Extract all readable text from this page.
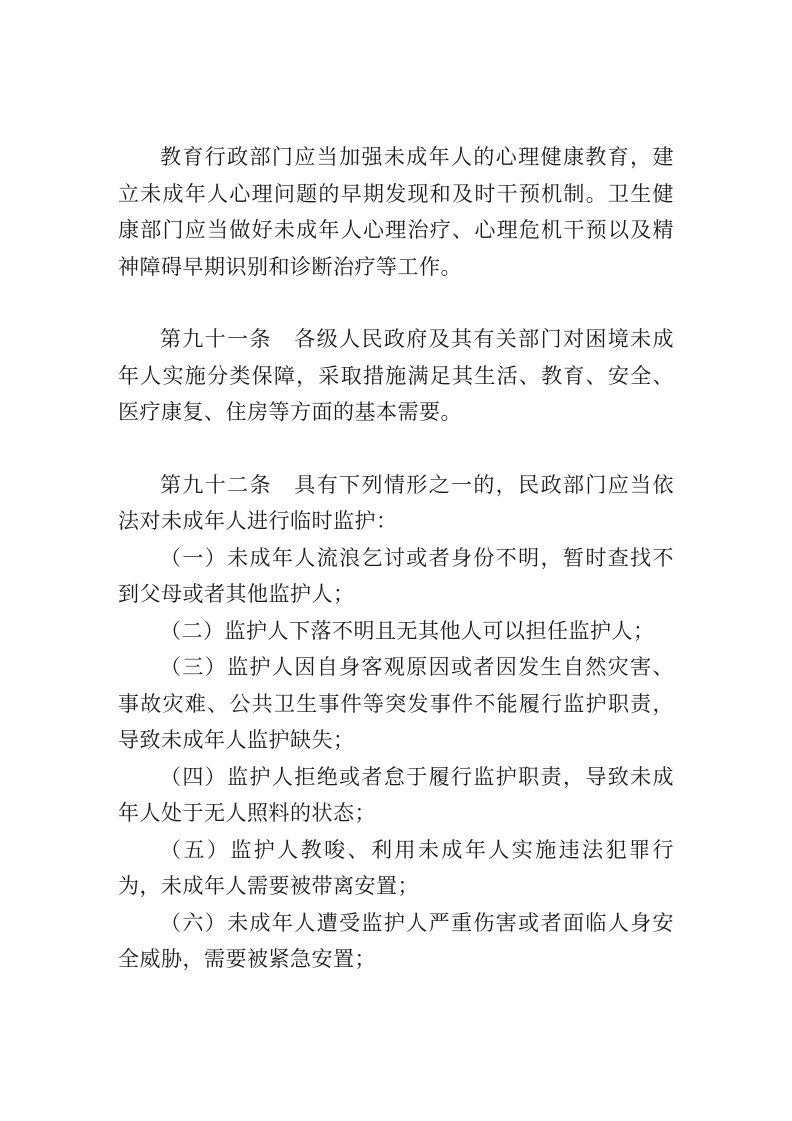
教育行政部门应当加强未成年人的心理健康教育，建立未成年人心理问题的早期发现和及时干预机制。卫生健康部门应当做好未成年人心理治疗、心理危机干预以及精神障碍早期识别和诊断治疗等工作。

第九十一条　各级人民政府及其有关部门对困境未成年人实施分类保障，采取措施满足其生活、教育、安全、医疗康复、住房等方面的基本需要。

第九十二条　具有下列情形之一的，民政部门应当依法对未成年人进行临时监护：

（一）未成年人流浪乞讨或者身份不明，暂时查找不到父母或者其他监护人；

（二）监护人下落不明且无其他人可以担任监护人；

（三）监护人因自身客观原因或者因发生自然灾害、事故灾难、公共卫生事件等突发事件不能履行监护职责，导致未成年人监护缺失；

（四）监护人拒绝或者怠于履行监护职责，导致未成年人处于无人照料的状态；

（五）监护人教唆、利用未成年人实施违法犯罪行为，未成年人需要被带离安置；

（六）未成年人遭受监护人严重伤害或者面临人身安全威胁，需要被紧急安置；
